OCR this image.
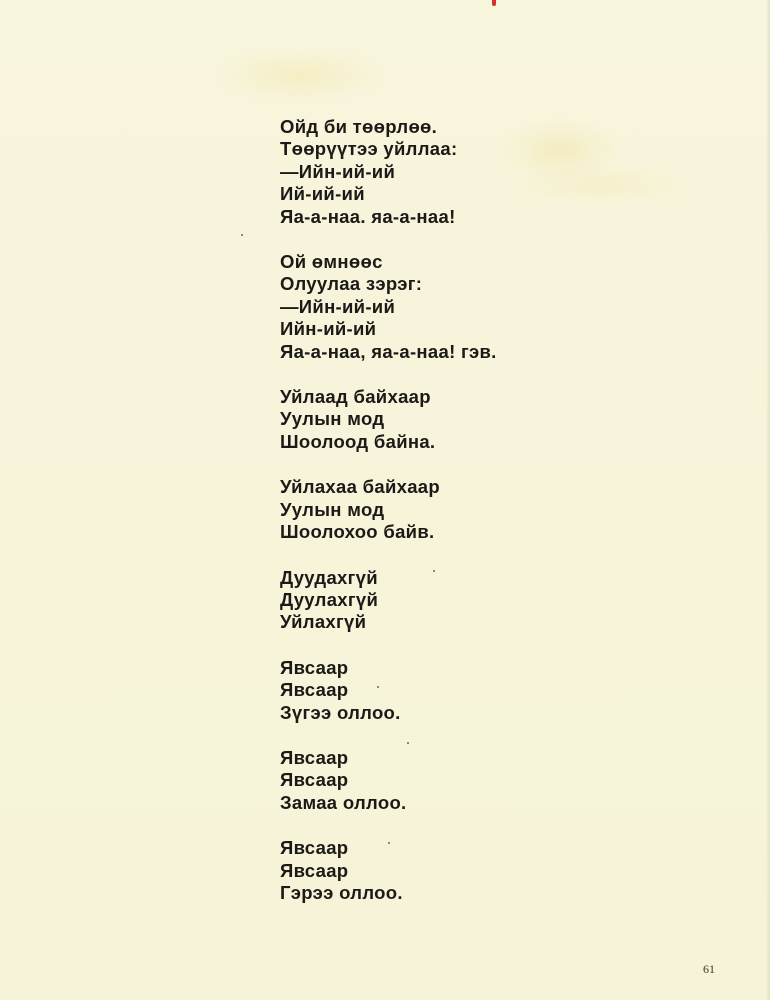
Ойд би төөрлөө.
Төөрүүтээ уйллаа:
—Ийн-ий-ий
Ий-ий-ий
Яа-а-наа. яа-а-наа!
Ой өмнөөс
Олуулаа зэрэг:
—Ийн-ий-ий
Ийн-ий-ий
Яа-а-наа, яа-а-наа! гэв.
Уйлаад байхаар
Уулын мод
Шоолоод байна.
Уйлахаа байхаар
Уулын мод
Шоолохоо байв.
Дуудахгүй
Дуулахгүй
Уйлахгүй
Явсаар
Явсаар
Зүгээ оллоо.
Явсаар
Явсаар
Замаа оллоо.
Явсаар
Явсаар
Гэрээ оллоо.
61
